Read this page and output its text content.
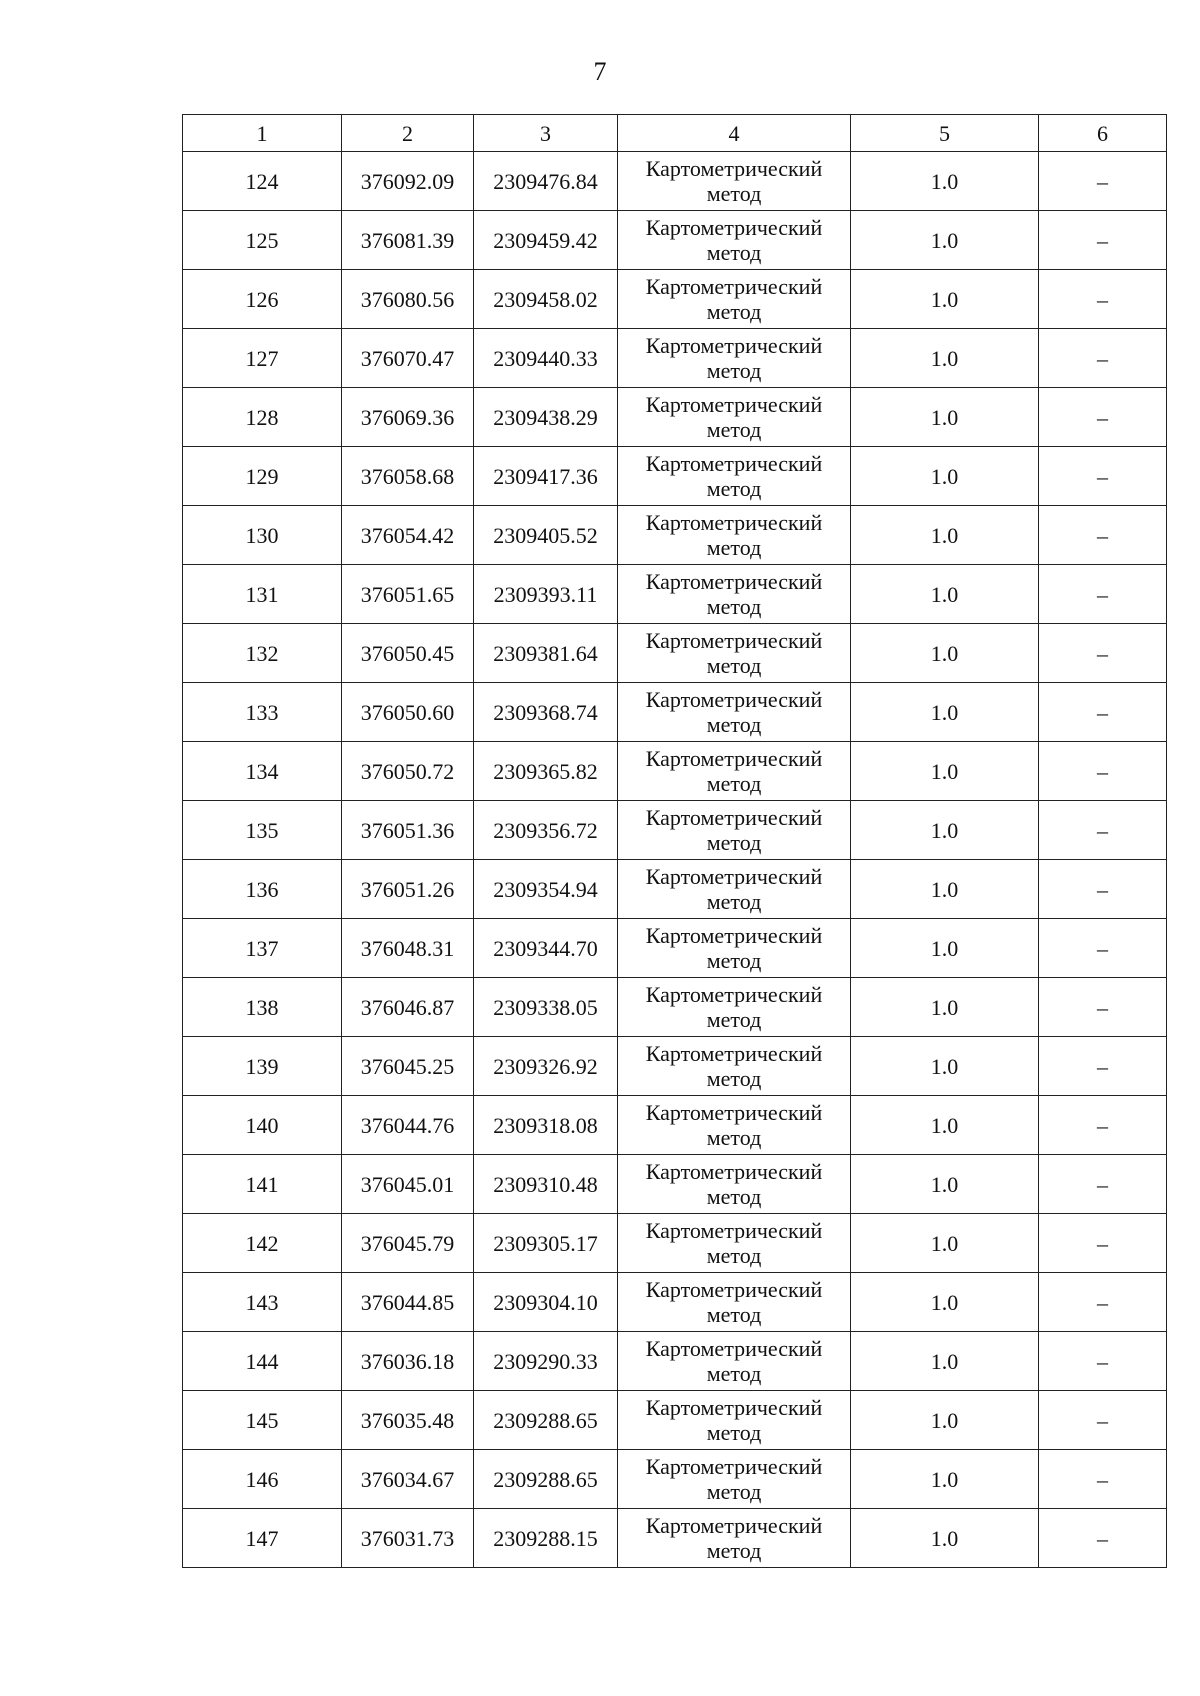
7
1	2	3	4	5	6
124	376092.09	2309476.84	Картометрический метод	1.0	–
125	376081.39	2309459.42	Картометрический метод	1.0	–
126	376080.56	2309458.02	Картометрический метод	1.0	–
127	376070.47	2309440.33	Картометрический метод	1.0	–
128	376069.36	2309438.29	Картометрический метод	1.0	–
129	376058.68	2309417.36	Картометрический метод	1.0	–
130	376054.42	2309405.52	Картометрический метод	1.0	–
131	376051.65	2309393.11	Картометрический метод	1.0	–
132	376050.45	2309381.64	Картометрический метод	1.0	–
133	376050.60	2309368.74	Картометрический метод	1.0	–
134	376050.72	2309365.82	Картометрический метод	1.0	–
135	376051.36	2309356.72	Картометрический метод	1.0	–
136	376051.26	2309354.94	Картометрический метод	1.0	–
137	376048.31	2309344.70	Картометрический метод	1.0	–
138	376046.87	2309338.05	Картометрический метод	1.0	–
139	376045.25	2309326.92	Картометрический метод	1.0	–
140	376044.76	2309318.08	Картометрический метод	1.0	–
141	376045.01	2309310.48	Картометрический метод	1.0	–
142	376045.79	2309305.17	Картометрический метод	1.0	–
143	376044.85	2309304.10	Картометрический метод	1.0	–
144	376036.18	2309290.33	Картометрический метод	1.0	–
145	376035.48	2309288.65	Картометрический метод	1.0	–
146	376034.67	2309288.65	Картометрический метод	1.0	–
147	376031.73	2309288.15	Картометрический метод	1.0	–
